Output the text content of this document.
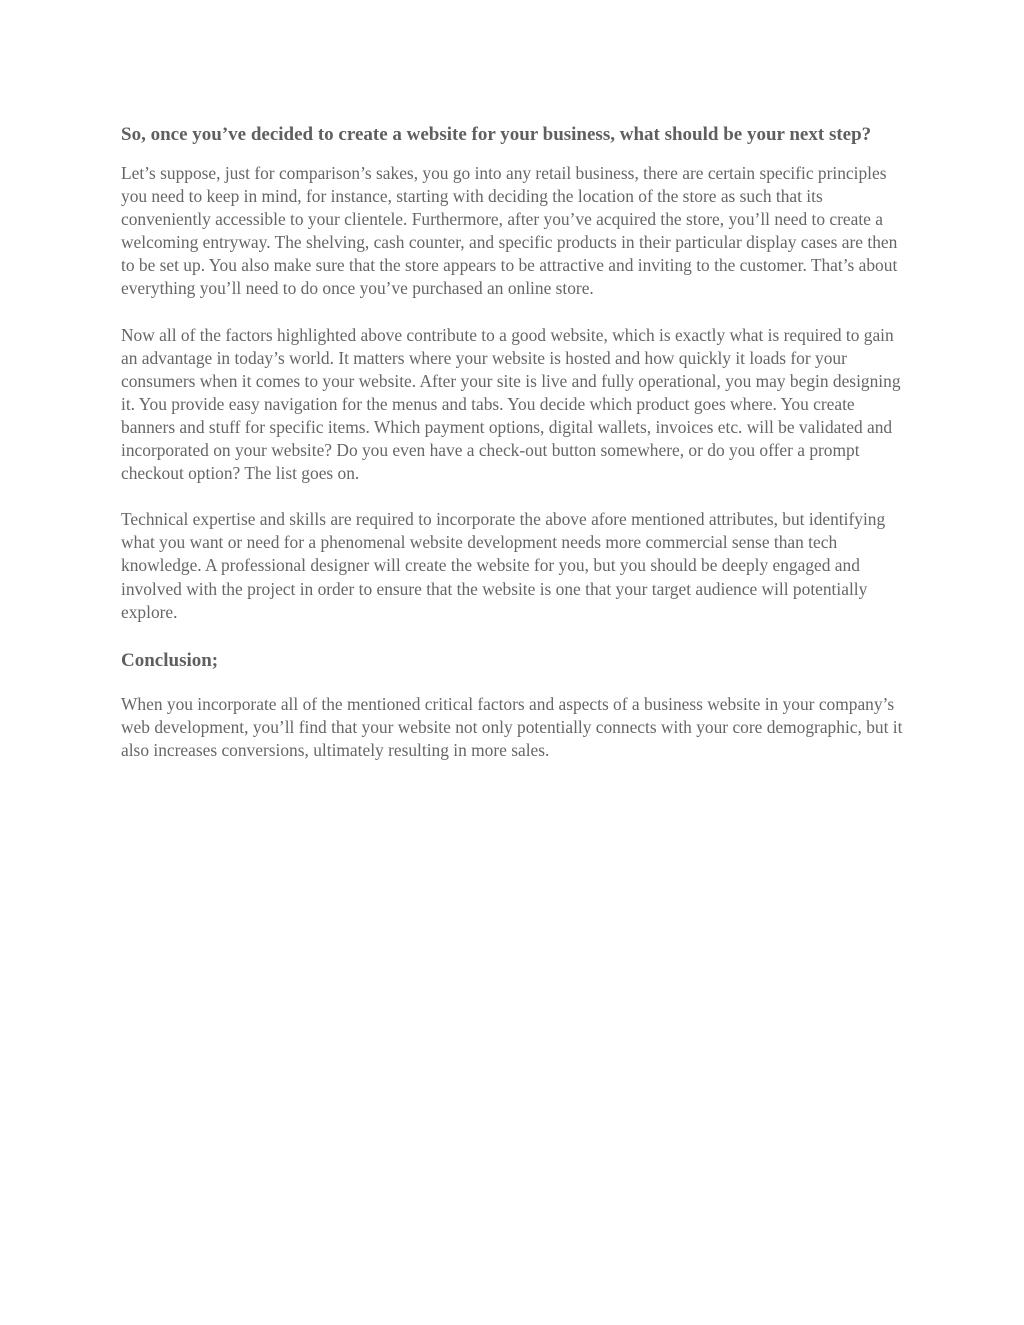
So, once you’ve decided to create a website for your business, what should be your next step?

Let’s suppose, just for comparison’s sakes, you go into any retail business, there are certain specific principles you need to keep in mind, for instance, starting with deciding the location of the store as such that its conveniently accessible to your clientele. Furthermore, after you’ve acquired the store, you’ll need to create a welcoming entryway. The shelving, cash counter, and specific products in their particular display cases are then to be set up. You also make sure that the store appears to be attractive and inviting to the customer. That’s about everything you’ll need to do once you’ve purchased an online store.

Now all of the factors highlighted above contribute to a good website, which is exactly what is required to gain an advantage in today’s world. It matters where your website is hosted and how quickly it loads for your consumers when it comes to your website. After your site is live and fully operational, you may begin designing it. You provide easy navigation for the menus and tabs. You decide which product goes where. You create banners and stuff for specific items. Which payment options, digital wallets, invoices etc. will be validated and incorporated on your website? Do you even have a check-out button somewhere, or do you offer a prompt checkout option? The list goes on.

Technical expertise and skills are required to incorporate the above afore mentioned attributes, but identifying what you want or need for a phenomenal website development needs more commercial sense than tech knowledge. A professional designer will create the website for you, but you should be deeply engaged and involved with the project in order to ensure that the website is one that your target audience will potentially explore.

Conclusion;

When you incorporate all of the mentioned critical factors and aspects of a business website in your company’s web development, you’ll find that your website not only potentially connects with your core demographic, but it also increases conversions, ultimately resulting in more sales.
